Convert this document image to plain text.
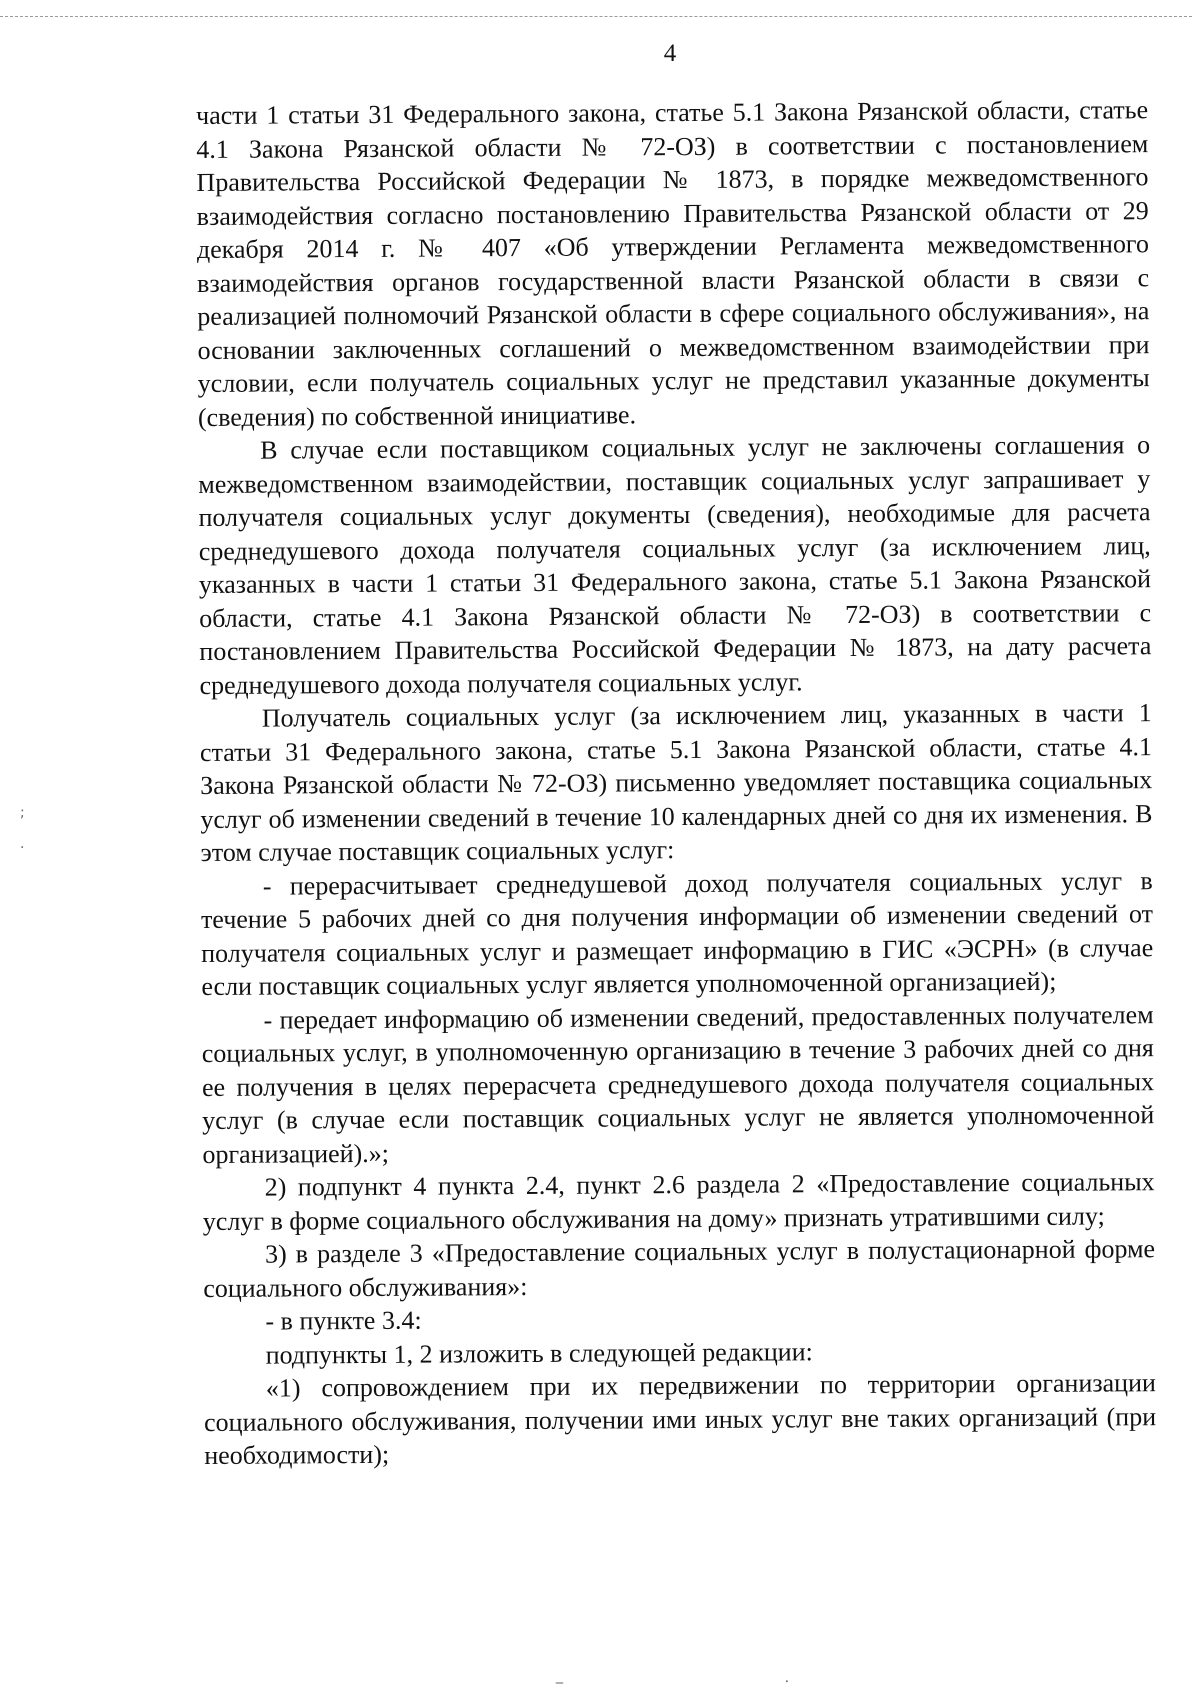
4

части 1 статьи 31 Федерального закона, статье 5.1 Закона Рязанской области, статье 4.1 Закона Рязанской области № 72-ОЗ) в соответствии с постановлением Правительства Российской Федерации № 1873, в порядке межведомственного взаимодействия согласно постановлению Правительства Рязанской области от 29 декабря 2014 г. № 407 «Об утверждении Регламента межведомственного взаимодействия органов государственной власти Рязанской области в связи с реализацией полномочий Рязанской области в сфере социального обслуживания», на основании заключенных соглашений о межведомственном взаимодействии при условии, если получатель социальных услуг не представил указанные документы (сведения) по собственной инициативе.

В случае если поставщиком социальных услуг не заключены соглашения о межведомственном взаимодействии, поставщик социальных услуг запрашивает у получателя социальных услуг документы (сведения), необходимые для расчета среднедушевого дохода получателя социальных услуг (за исключением лиц, указанных в части 1 статьи 31 Федерального закона, статье 5.1 Закона Рязанской области, статье 4.1 Закона Рязанской области № 72-ОЗ) в соответствии с постановлением Правительства Российской Федерации № 1873, на дату расчета среднедушевого дохода получателя социальных услуг.

Получатель социальных услуг (за исключением лиц, указанных в части 1 статьи 31 Федерального закона, статье 5.1 Закона Рязанской области, статье 4.1 Закона Рязанской области № 72-ОЗ) письменно уведомляет поставщика социальных услуг об изменении сведений в течение 10 календарных дней со дня их изменения. В этом случае поставщик социальных услуг:

- перерасчитывает среднедушевой доход получателя социальных услуг в течение 5 рабочих дней со дня получения информации об изменении сведений от получателя социальных услуг и размещает информацию в ГИС «ЭСРН» (в случае если поставщик социальных услуг является уполномоченной организацией);

- передает информацию об изменении сведений, предоставленных получателем социальных услуг, в уполномоченную организацию в течение 3 рабочих дней со дня ее получения в целях перерасчета среднедушевого дохода получателя социальных услуг (в случае если поставщик социальных услуг не является уполномоченной организацией).»;

2) подпункт 4 пункта 2.4, пункт 2.6 раздела 2 «Предоставление социальных услуг в форме социального обслуживания на дому» признать утратившими силу;

3) в разделе 3 «Предоставление социальных услуг в полустационарной форме социального обслуживания»:

- в пункте 3.4:

подпункты 1, 2 изложить в следующей редакции:

«1) сопровождением при их передвижении по территории организации социального обслуживания, получении ими иных услуг вне таких организаций (при необходимости);

;
·
‒	⸳
